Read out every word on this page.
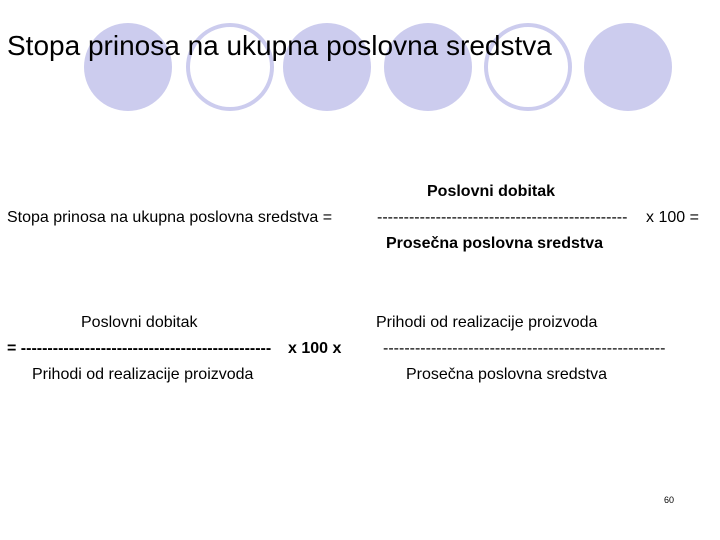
Stopa prinosa na ukupna poslovna sredstva
Poslovni dobitak
Stopa prinosa na ukupna poslovna sredstva =	----------------------------------------------- x 100 =
Prosečna poslovna sredstva
Poslovni dobitak
= ----------------------------------------------- x 100 x
Prihodi od realizacije proizvoda
Prihodi od realizacije proizvoda
-----------------------------------------------------
Prosečna poslovna sredstva
60
